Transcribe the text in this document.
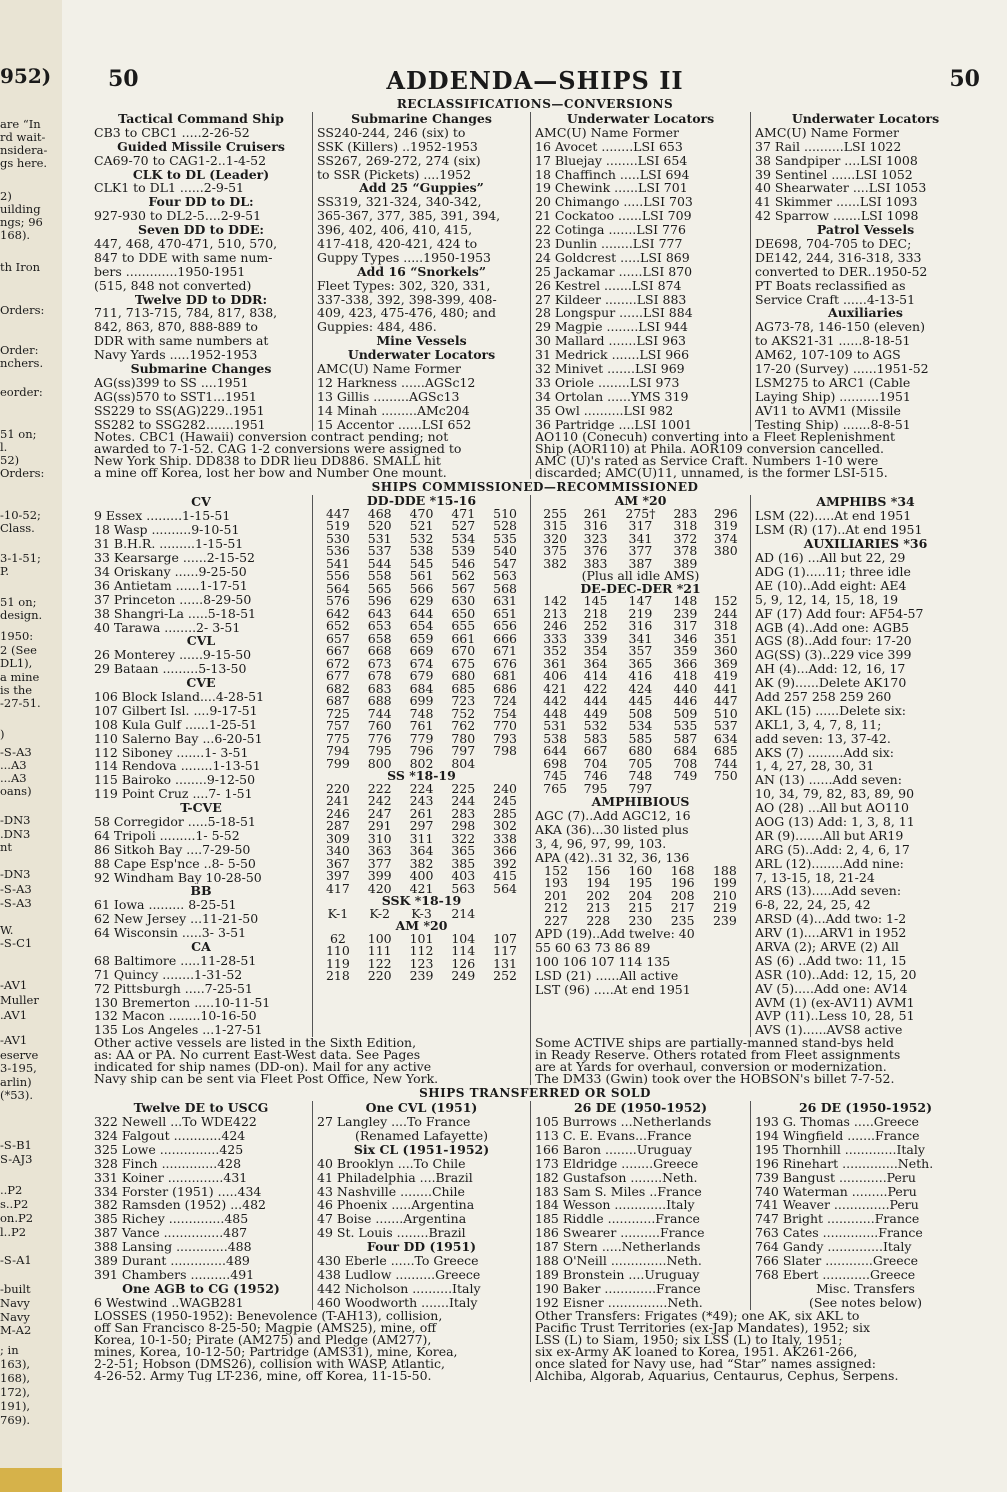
952)
are “In
rd wait-
nsidera-
gs here.
2)
uilding
ngs; 96
168).
th Iron
Orders:
Order:
nchers.
eorder:
51 on;
l.
52)
Orders:
-10-52;
Class.
3-1-51;
P.
51 on;
design.
1950:
2 (See
DL1),
a mine
is the
-27-51.
)
-S-A3
...A3
...A3
oans)
-DN3
.DN3
nt
-DN3
-S-A3
-S-A3
W.
-S-C1
-AV1
Muller
.AV1
-AV1
eserve
3-195,
arlin)
(*53).
-S-B1
S-AJ3
..P2
s..P2
on.P2
l..P2
-S-A1
-built
Navy
Navy
M-A2
; in
163),
168),
172),
191),
769).
50	ADDENDA—SHIPS II	50
RECLASSIFICATIONS—CONVERSIONS
Tactical Command Ship
CB3 to CBC1 .....2-26-52
Guided Missile Cruisers
CA69-70 to CAG1-2..1-4-52
CLK to DL (Leader)
CLK1 to DL1 ......2-9-51
Four DD to DL:
927-930 to DL2-5....2-9-51
Seven DD to DDE:
447, 468, 470-471, 510, 570,
847 to DDE with same num-
bers .............1950-1951
(515, 848 not converted)
Twelve DD to DDR:
711, 713-715, 784, 817, 838,
842, 863, 870, 888-889 to
DDR with same numbers at
Navy Yards .....1952-1953
Submarine Changes
AG(ss)399 to SS ....1951
AG(ss)570 to SST1...1951
SS229 to SS(AG)229..1951
SS282 to SSG282.......1951
Submarine Changes
SS240-244, 246 (six) to
SSK (Killers) ..1952-1953
SS267, 269-272, 274 (six)
to SSR (Pickets) ....1952
Add 25 “Guppies”
SS319, 321-324, 340-342,
365-367, 377, 385, 391, 394,
396, 402, 406, 410, 415,
417-418, 420-421, 424 to
Guppy Types .....1950-1953
Add 16 “Snorkels”
Fleet Types: 302, 320, 331,
337-338, 392, 398-399, 408-
409, 423, 475-476, 480; and
Guppies: 484, 486.
Mine Vessels
Underwater Locators
AMC(U) Name Former
12 Harkness ......AGSc12
13 Gillis .........AGSc13
14 Minah .........AMc204
15 Accentor ......LSI 652
Underwater Locators
AMC(U) Name Former
16 Avocet ........LSI 653
17 Bluejay ........LSI 654
18 Chaffinch .....LSI 694
19 Chewink ......LSI 701
20 Chimango .....LSI 703
21 Cockatoo ......LSI 709
22 Cotinga .......LSI 776
23 Dunlin ........LSI 777
24 Goldcrest .....LSI 869
25 Jackamar ......LSI 870
26 Kestrel .......LSI 874
27 Kildeer ........LSI 883
28 Longspur ......LSI 884
29 Magpie ........LSI 944
30 Mallard .......LSI 963
31 Medrick .......LSI 966
32 Minivet .......LSI 969
33 Oriole ........LSI 973
34 Ortolan ......YMS 319
35 Owl ..........LSI 982
36 Partridge ....LSI 1001
Underwater Locators
AMC(U) Name Former
37 Rail ..........LSI 1022
38 Sandpiper ....LSI 1008
39 Sentinel ......LSI 1052
40 Shearwater ....LSI 1053
41 Skimmer ......LSI 1093
42 Sparrow .......LSI 1098
Patrol Vessels
DE698, 704-705 to DEC;
DE142, 244, 316-318, 333
converted to DER..1950-52
PT Boats reclassified as
Service Craft ......4-13-51
Auxiliaries
AG73-78, 146-150 (eleven)
to AKS21-31 ......8-18-51
AM62, 107-109 to AGS
17-20 (Survey) ......1951-52
LSM275 to ARC1 (Cable
Laying Ship) ..........1951
AV11 to AVM1 (Missile
Testing Ship) .......8-8-51
Notes. CBC1 (Hawaii) conversion contract pending; not
awarded to 7-1-52. CAG 1-2 conversions were assigned to
New York Ship. DD838 to DDR lieu DD886. SMALL hit
a mine off Korea, lost her bow and Number One mount.
AO110 (Conecuh) converting into a Fleet Replenishment
Ship (AOR110) at Phila. AOR109 conversion cancelled.
AMC (U)'s rated as Service Craft. Numbers 1-10 were
discarded; AMC(U)11, unnamed, is the former LSI-515.
SHIPS COMMISSIONED—RECOMMISSIONED
CV
9 Essex .........1-15-51
18 Wasp ..........9-10-51
31 B.H.R. .........1-15-51
33 Kearsarge ......2-15-52
34 Oriskany ......9-25-50
36 Antietam ......1-17-51
37 Princeton ......8-29-50
38 Shangri-La .....5-18-51
40 Tarawa ........2- 3-51
CVL
26 Monterey ......9-15-50
29 Bataan .........5-13-50
CVE
106 Block Island....4-28-51
107 Gilbert Isl. ....9-17-51
108 Kula Gulf ......1-25-51
110 Salerno Bay ...6-20-51
112 Siboney .......1- 3-51
114 Rendova ........1-13-51
115 Bairoko ........9-12-50
119 Point Cruz ....7- 1-51
T-CVE
58 Corregidor .....5-18-51
64 Tripoli .........1- 5-52
86 Sitkoh Bay ....7-29-50
88 Cape Esp'nce ..8- 5-50
92 Windham Bay 10-28-50
BB
61 Iowa ......... 8-25-51
62 New Jersey ...11-21-50
64 Wisconsin .....3- 3-51
CA
68 Baltimore .....11-28-51
71 Quincy ........1-31-52
72 Pittsburgh .....7-25-51
130 Bremerton .....10-11-51
132 Macon ........10-16-50
135 Los Angeles ...1-27-51
DD-DDE *15-16				
447	468	470	471	510
519	520	521	527	528
530	531	532	534	535
536	537	538	539	540
541	544	545	546	547
556	558	561	562	563
564	565	566	567	568
576	596	629	630	631
642	643	644	650	651
652	653	654	655	656
657	658	659	661	666
667	668	669	670	671
672	673	674	675	676
677	678	679	680	681
682	683	684	685	686
687	688	699	723	724
725	744	748	752	754
757	760	761	762	770
775	776	779	780	793
794	795	796	797	798
799	800	802	804	
SS *18-19				
220	222	224	225	240
241	242	243	244	245
246	247	261	283	285
287	291	297	298	302
309	310	311	322	338
340	363	364	365	366
367	377	382	385	392
397	399	400	403	415
417	420	421	563	564
SSK *18-19				
K-1	K-2	K-3	214	
AM *20				
62	100	101	104	107
110	111	112	114	117
119	122	123	126	131
218	220	239	249	252
AM *20				
255	261	275†	283	296
315	316	317	318	319
320	323	341	372	374
375	376	377	378	380
382	383	387	389	
(Plus all idle AMS)				
DE-DEC-DER *21				
142	145	147	148	152
213	218	219	239	244
246	252	316	317	318
333	339	341	346	351
352	354	357	359	360
361	364	365	366	369
406	414	416	418	419
421	422	424	440	441
442	444	445	446	447
448	449	508	509	510
531	532	534	535	537
538	583	585	587	634
644	667	680	684	685
698	704	705	708	744
745	746	748	749	750
765	795	797		
AMPHIBIOUS
AGC (7)..Add AGC12, 16
AKA (36)...30 listed plus
3, 4, 96, 97, 99, 103.
APA (42)..31 32, 36, 136
152	156	160	168	188
193	194	195	196	199
201	202	204	208	210
212	213	215	217	219
227	228	230	235	239
APD (19)..Add twelve: 40
55 60 63 73 86 89
100 106 107 114 135
LSD (21) ......All active
LST (96) .....At end 1951
AMPHIBS *34
LSM (22).....At end 1951
LSM (R) (17)..At end 1951
AUXILIARIES *36
AD (16) ...All but 22, 29
ADG (1).....11; three idle
AE (10)..Add eight: AE4
5, 9, 12, 14, 15, 18, 19
AF (17) Add four: AF54-57
AGB (4)..Add one: AGB5
AGS (8)..Add four: 17-20
AG(SS) (3)..229 vice 399
AH (4)...Add: 12, 16, 17
AK (9)......Delete AK170
Add 257 258 259 260
AKL (15) ......Delete six:
AKL1, 3, 4, 7, 8, 11;
add seven: 13, 37-42.
AKS (7) .........Add six:
1, 4, 27, 28, 30, 31
AN (13) ......Add seven:
10, 34, 79, 82, 83, 89, 90
AO (28) ...All but AO110
AOG (13) Add: 1, 3, 8, 11
AR (9).......All but AR19
ARG (5)..Add: 2, 4, 6, 17
ARL (12)........Add nine:
7, 13-15, 18, 21-24
ARS (13).....Add seven:
6-8, 22, 24, 25, 42
ARSD (4)...Add two: 1-2
ARV (1)....ARV1 in 1952
ARVA (2); ARVE (2) All
AS (6) ..Add two: 11, 15
ASR (10)..Add: 12, 15, 20
AV (5).....Add one: AV14
AVM (1) (ex-AV11) AVM1
AVP (11)..Less 10, 28, 51
AVS (1)......AVS8 active
Other active vessels are listed in the Sixth Edition,
as: AA or PA. No current East-West data. See Pages
indicated for ship names (DD-on). Mail for any active
Navy ship can be sent via Fleet Post Office, New York.
Some ACTIVE ships are partially-manned stand-bys held
in Ready Reserve. Others rotated from Fleet assignments
are at Yards for overhaul, conversion or modernization.
The DM33 (Gwin) took over the HOBSON's billet 7-7-52.
SHIPS TRANSFERRED OR SOLD
Twelve DE to USCG
322 Newell ...To WDE422
324 Falgout ............424
325 Lowe ...............425
328 Finch ..............428
331 Koiner ..............431
334 Forster (1951) .....434
382 Ramsden (1952) ...482
385 Richey ..............485
387 Vance ...............487
388 Lansing .............488
389 Durant ..............489
391 Chambers ..........491
One AGB to CG (1952)
6 Westwind ..WAGB281
One CVL (1951)
27 Langley ....To France
(Renamed Lafayette)
Six CL (1951-1952)
40 Brooklyn ....To Chile
41 Philadelphia ....Brazil
43 Nashville ........Chile
46 Phoenix .....Argentina
47 Boise .......Argentina
49 St. Louis ........Brazil
Four DD (1951)
430 Eberle ......To Greece
438 Ludlow ..........Greece
442 Nicholson ..........Italy
460 Woodworth .......Italy
26 DE (1950-1952)
105 Burrows ...Netherlands
113 C. E. Evans...France
166 Baron ........Uruguay
173 Eldridge ........Greece
182 Gustafson ........Neth.
183 Sam S. Miles ..France
184 Wesson .............Italy
185 Riddle ............France
186 Swearer ..........France
187 Stern .....Netherlands
188 O'Neill ..............Neth.
189 Bronstein ....Uruguay
190 Baker .............France
192 Eisner ...............Neth.
26 DE (1950-1952)
193 G. Thomas .....Greece
194 Wingfield .......France
195 Thornhill .............Italy
196 Rinehart ..............Neth.
739 Bangust ............Peru
740 Waterman .........Peru
741 Weaver ..............Peru
747 Bright ............France
763 Cates ..............France
764 Gandy ..............Italy
766 Slater ............Greece
768 Ebert ............Greece
Misc. Transfers
(See notes below)
LOSSES (1950-1952): Benevolence (T-AH13), collision,
off San Francisco 8-25-50; Magpie (AMS25), mine, off
Korea, 10-1-50; Pirate (AM275) and Pledge (AM277),
mines, Korea, 10-12-50; Partridge (AMS31), mine, Korea,
2-2-51; Hobson (DMS26), collision with WASP, Atlantic,
4-26-52. Army Tug LT-236, mine, off Korea, 11-15-50.
Other Transfers: Frigates (*49); one AK, six AKL to
Pacific Trust Territories (ex-Jap Mandates), 1952; six
LSS (L) to Siam, 1950; six LSS (L) to Italy, 1951;
six ex-Army AK loaned to Korea, 1951. AK261-266,
once slated for Navy use, had “Star” names assigned:
Alchiba, Algorab, Aquarius, Centaurus, Cephus, Serpens.
